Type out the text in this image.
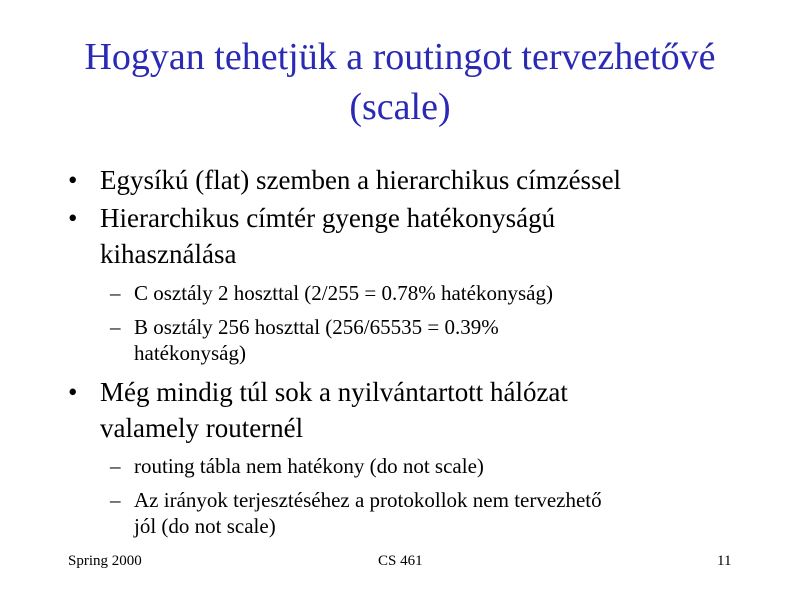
Hogyan tehetjük a routingot tervezhetővé
(scale)
• Egysíkú (flat) szemben a hierarchikus címzéssel
• Hierarchikus címtér gyenge hatékonyságú
kihasználása
– C osztály 2 hoszttal (2/255 = 0.78% hatékonyság)
– B osztály 256 hoszttal (256/65535 = 0.39%
hatékonyság)
• Még mindig túl sok a nyilvántartott hálózat
valamely routernél
– routing tábla nem hatékony (do not scale)
– Az irányok terjesztéséhez a protokollok nem tervezhető
jól (do not scale)
Spring 2000	CS 461	11
